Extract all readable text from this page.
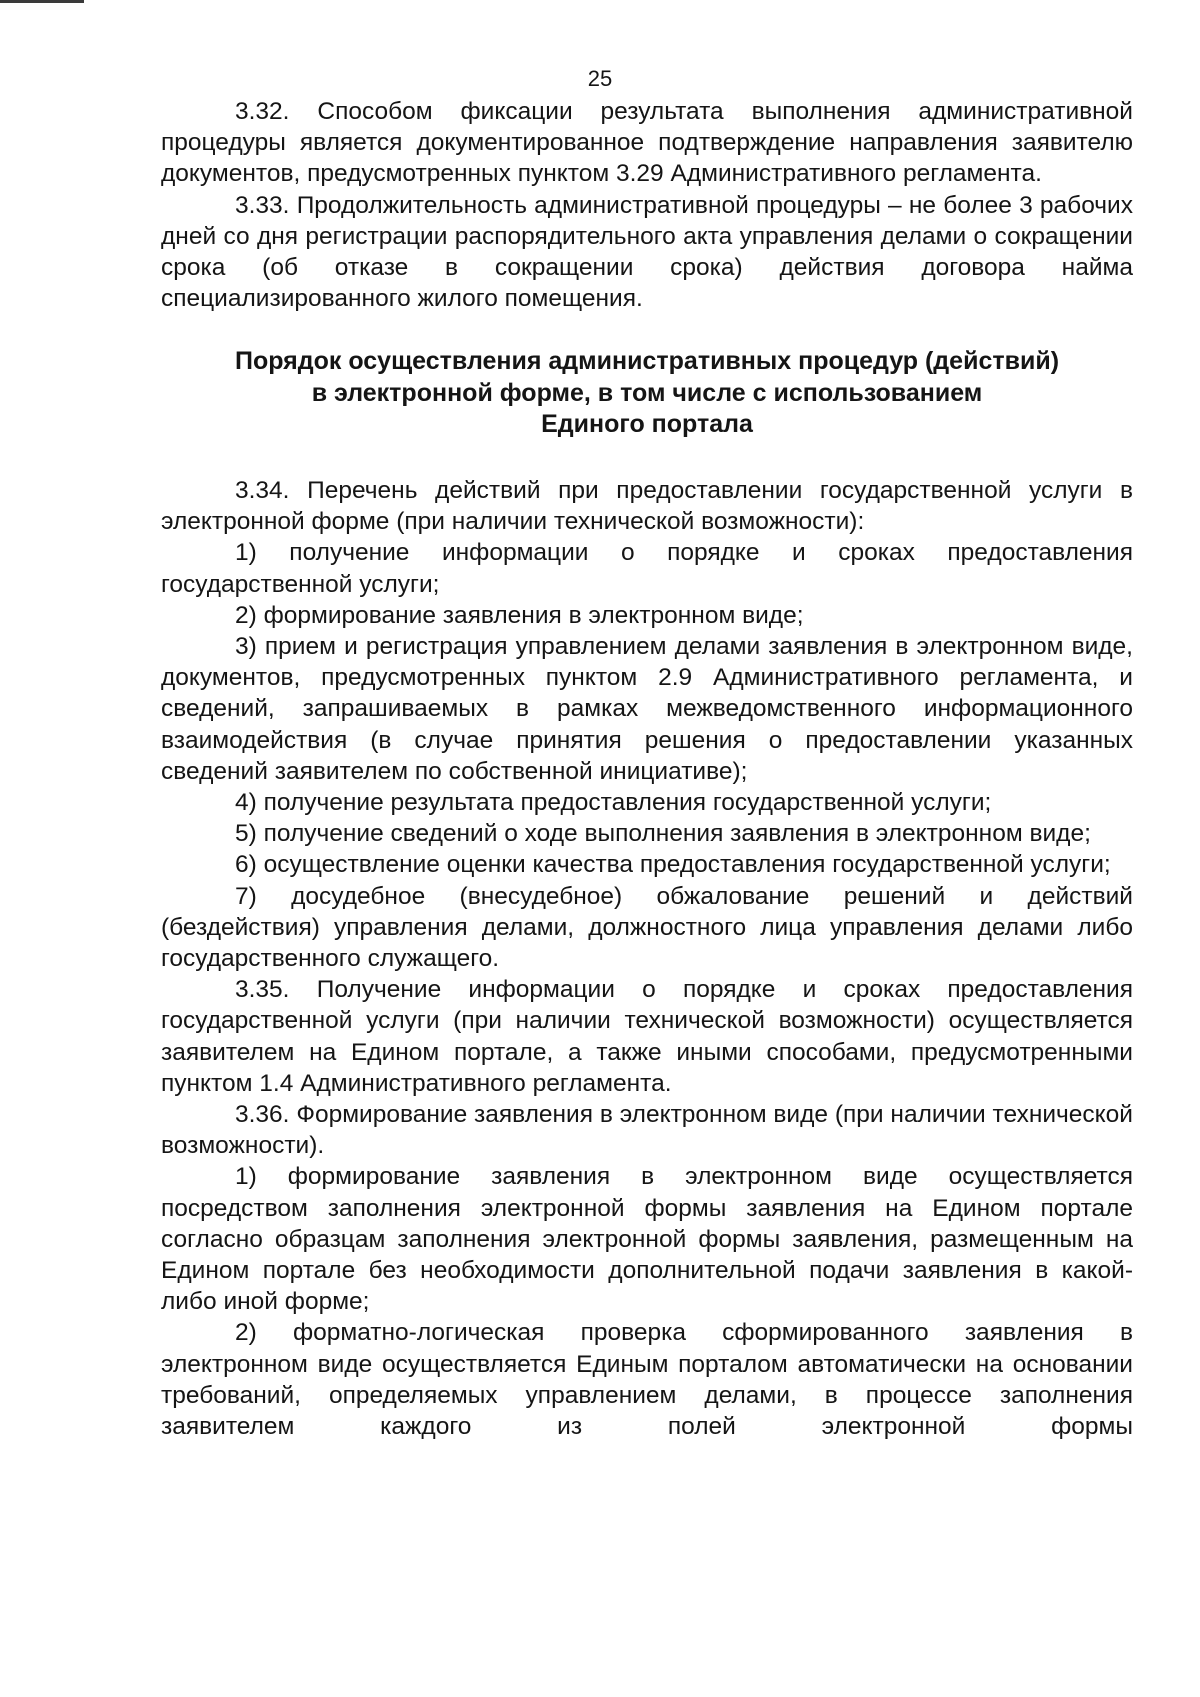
25

3.32. Способом фиксации результата выполнения административной процедуры является документированное подтверждение направления заявителю документов, предусмотренных пунктом 3.29 Административного регламента.

3.33. Продолжительность административной процедуры – не более 3 рабочих дней со дня регистрации распорядительного акта управления делами о сокращении срока (об отказе в сокращении срока) действия договора найма специализированного жилого помещения.

Порядок осуществления административных процедур (действий)
в электронной форме, в том числе с использованием
Единого портала

3.34. Перечень действий при предоставлении государственной услуги в электронной форме (при наличии технической возможности):

1) получение информации о порядке и сроках предоставления государственной услуги;

2) формирование заявления в электронном виде;

3) прием и регистрация управлением делами заявления в электронном виде, документов, предусмотренных пунктом 2.9 Административного регламента, и сведений, запрашиваемых в рамках межведомственного информационного взаимодействия (в случае принятия решения о предоставлении указанных сведений заявителем по собственной инициативе);

4) получение результата предоставления государственной услуги;

5) получение сведений о ходе выполнения заявления в электронном виде;

6) осуществление оценки качества предоставления государственной услуги;

7) досудебное (внесудебное) обжалование решений и действий (бездействия) управления делами, должностного лица управления делами либо государственного служащего.

3.35. Получение информации о порядке и сроках предоставления государственной услуги (при наличии технической возможности) осуществляется заявителем на Едином портале, а также иными способами, предусмотренными пунктом 1.4 Административного регламента.

3.36. Формирование заявления в электронном виде (при наличии технической возможности).

1) формирование заявления в электронном виде осуществляется посредством заполнения электронной формы заявления на Едином портале согласно образцам заполнения электронной формы заявления, размещенным на Едином портале без необходимости дополнительной подачи заявления в какой-либо иной форме;

2) форматно-логическая проверка сформированного заявления в электронном виде осуществляется Единым порталом автоматически на основании требований, определяемых управлением делами, в процессе заполнения заявителем каждого из полей электронной формы
